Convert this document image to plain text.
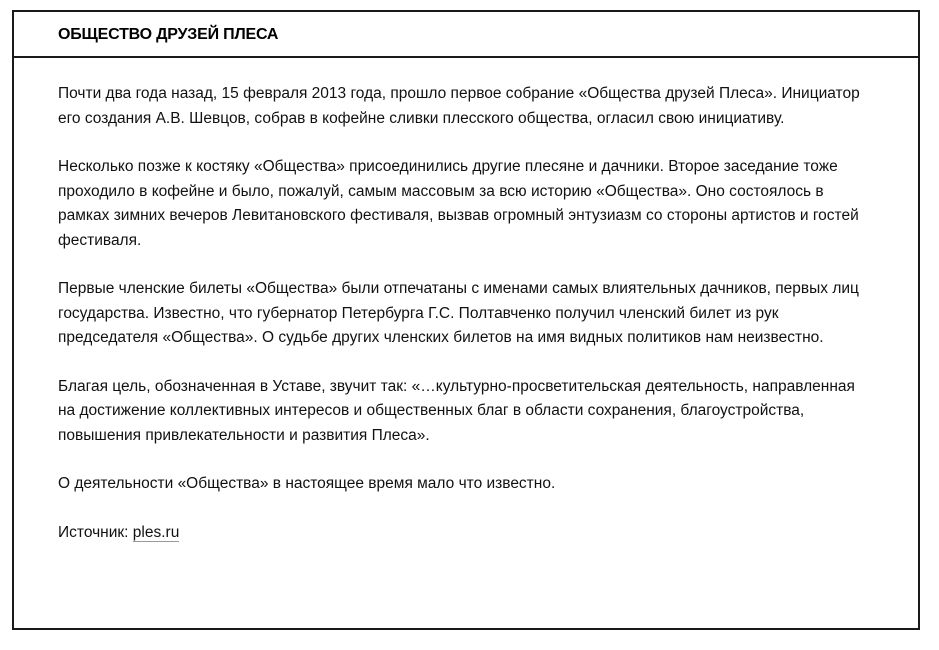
ОБЩЕСТВО ДРУЗЕЙ ПЛЕСА

Почти два года назад, 15 февраля 2013 года, прошло первое собрание «Общества друзей Плеса». Инициатор его создания А.В. Шевцов, собрав в кофейне сливки плесского общества, огласил свою инициативу.

Несколько позже к костяку «Общества» присоединились другие плесяне и дачники. Второе заседание тоже проходило в кофейне и было, пожалуй, самым массовым за всю историю «Общества». Оно состоялось в рамках зимних вечеров Левитановского фестиваля, вызвав огромный энтузиазм со стороны артистов и гостей фестиваля.

Первые членские билеты «Общества» были отпечатаны с именами самых влиятельных дачников, первых лиц государства. Известно, что губернатор Петербурга Г.С. Полтавченко получил членский билет из рук председателя «Общества». О судьбе других членских билетов на имя видных политиков нам неизвестно.

Благая цель, обозначенная в Уставе, звучит так: «…культурно-просветительская деятельность, направленная на достижение коллективных интересов и общественных благ в области сохранения, благоустройства, повышения привлекательности и развития Плеса».

О деятельности «Общества» в настоящее время мало что известно.

Источник: ples.ru
